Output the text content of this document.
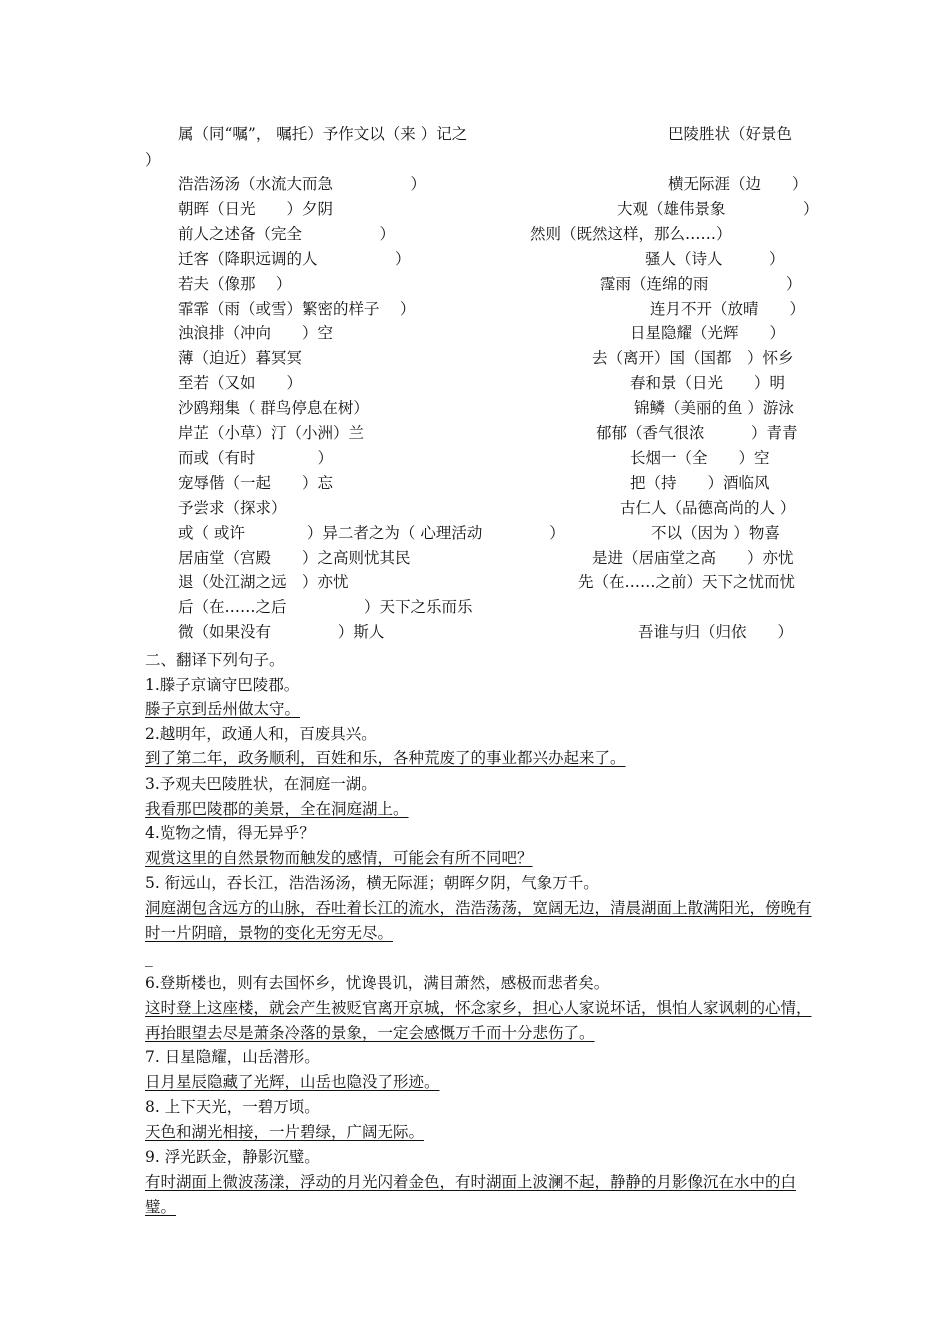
属（同“嘱”， 嘱托）予作文以（来 ）记之	巴陵胜状（好景色
）
浩浩汤汤（水流大而急　　　　　）	横无际涯（边　　）
朝晖（日光　　）夕阴	大观（雄伟景象　　　　　）
前人之述备（完全　　　　　）	然则（既然这样，那么……）
迁客（降职远调的人　　　　　）	骚人（诗人　　　）
若夫（像那　 ）	霪雨（连绵的雨　　　　　）
霏霏（雨（或雪）繁密的样子　 ）	连月不开（放晴　　）
浊浪排（冲向　　）空	日星隐耀（光辉　　）
薄（迫近）暮冥冥	去（离开）国（国都　）怀乡
至若（又如　　）	春和景（日光　　）明
沙鸥翔集（ 群鸟停息在树）	锦鳞（美丽的鱼 ）游泳
岸芷（小草）汀（小洲）兰	郁郁（香气很浓　　　）青青
而或（有时　　　　）	长烟一（全　　）空
宠辱偕（一起　　）忘	把（持　　）酒临风
予尝求（探求）	古仁人（品德高尚的人 ）
或（ 或许　　　　）异二者之为（ 心理活动　　　　 ）	不以（因为 ）物喜
居庙堂（宫殿　　）之高则忧其民	是进（居庙堂之高　　）亦忧
退（处江湖之远　）亦忧	先（在……之前）天下之忧而忧
后（在……之后　　　　　）天下之乐而乐
微（如果没有　　　　 ）斯人	吾谁与归（归依　　）
二、翻译下列句子。
1.滕子京谪守巴陵郡。
滕子京到岳州做太守。
2.越明年，政通人和，百废具兴。
到了第二年，政务顺利，百姓和乐，各种荒废了的事业都兴办起来了。
3.予观夫巴陵胜状，在洞庭一湖。
我看那巴陵郡的美景，全在洞庭湖上。
4.览物之情，得无异乎？
观赏这里的自然景物而触发的感情，可能会有所不同吧？
5. 衔远山，吞长江，浩浩汤汤，横无际涯；朝晖夕阴，气象万千。
洞庭湖包含远方的山脉，吞吐着长江的流水，浩浩荡荡，宽阔无边，清晨湖面上散满阳光，傍晚有时一片阴暗，景物的变化无穷无尽。
_
6.登斯楼也，则有去国怀乡，忧谗畏讥，满目萧然，感极而悲者矣。
这时登上这座楼，就会产生被贬官离开京城，怀念家乡，担心人家说坏话，惧怕人家讽刺的心情，再抬眼望去尽是萧条冷落的景象，一定会感慨万千而十分悲伤了。
7. 日星隐耀，山岳潜形。
日月星辰隐藏了光辉，山岳也隐没了形迹。
8. 上下天光，一碧万顷。
天色和湖光相接，一片碧绿，广阔无际。
9. 浮光跃金，静影沉璧。
有时湖面上微波荡漾，浮动的月光闪着金色，有时湖面上波澜不起，静静的月影像沉在水中的白璧。
